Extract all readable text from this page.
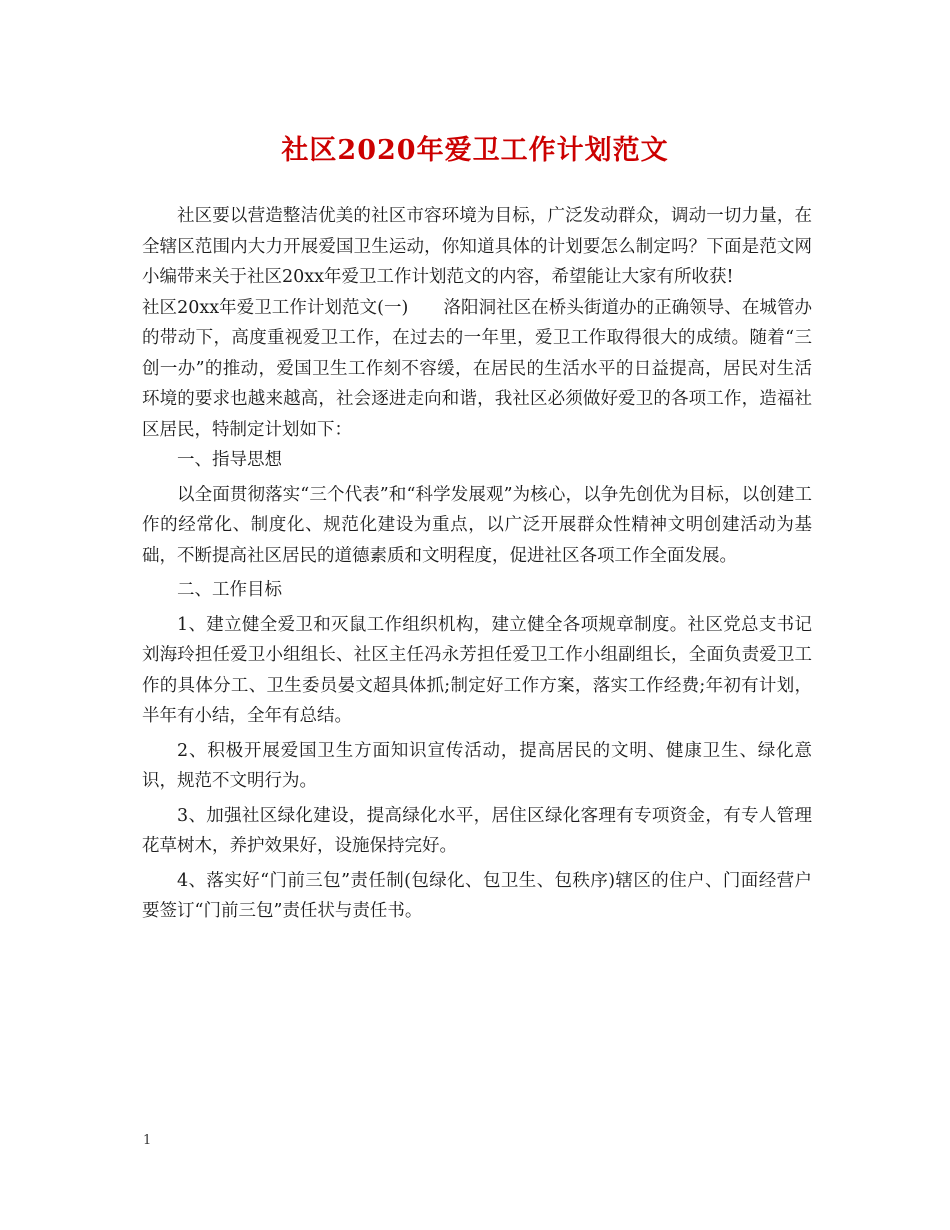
社区2020年爱卫工作计划范文

社区要以营造整洁优美的社区市容环境为目标，广泛发动群众，调动一切力量，在全辖区范围内大力开展爱国卫生运动，你知道具体的计划要怎么制定吗？下面是范文网小编带来关于社区20xx年爱卫工作计划范文的内容，希望能让大家有所收获!

社区20xx年爱卫工作计划范文(一)　　洛阳洞社区在桥头街道办的正确领导、在城管办的带动下，高度重视爱卫工作，在过去的一年里，爱卫工作取得很大的成绩。随着“三创一办”的推动，爱国卫生工作刻不容缓，在居民的生活水平的日益提高，居民对生活环境的要求也越来越高，社会逐进走向和谐，我社区必须做好爱卫的各项工作，造福社区居民，特制定计划如下：

一、指导思想

以全面贯彻落实“三个代表”和“科学发展观”为核心，以争先创优为目标，以创建工作的经常化、制度化、规范化建设为重点，以广泛开展群众性精神文明创建活动为基础，不断提高社区居民的道德素质和文明程度，促进社区各项工作全面发展。

二、工作目标

1、建立健全爱卫和灭鼠工作组织机构，建立健全各项规章制度。社区党总支书记刘海玲担任爱卫小组组长、社区主任冯永芳担任爱卫工作小组副组长，全面负责爱卫工作的具体分工、卫生委员晏文超具体抓;制定好工作方案，落实工作经费;年初有计划，半年有小结，全年有总结。

2、积极开展爱国卫生方面知识宣传活动，提高居民的文明、健康卫生、绿化意识，规范不文明行为。

3、加强社区绿化建设，提高绿化水平，居住区绿化客理有专项资金，有专人管理花草树木，养护效果好，设施保持完好。

4、落实好“门前三包”责任制(包绿化、包卫生、包秩序)辖区的住户、门面经营户要签订“门前三包”责任状与责任书。

1
